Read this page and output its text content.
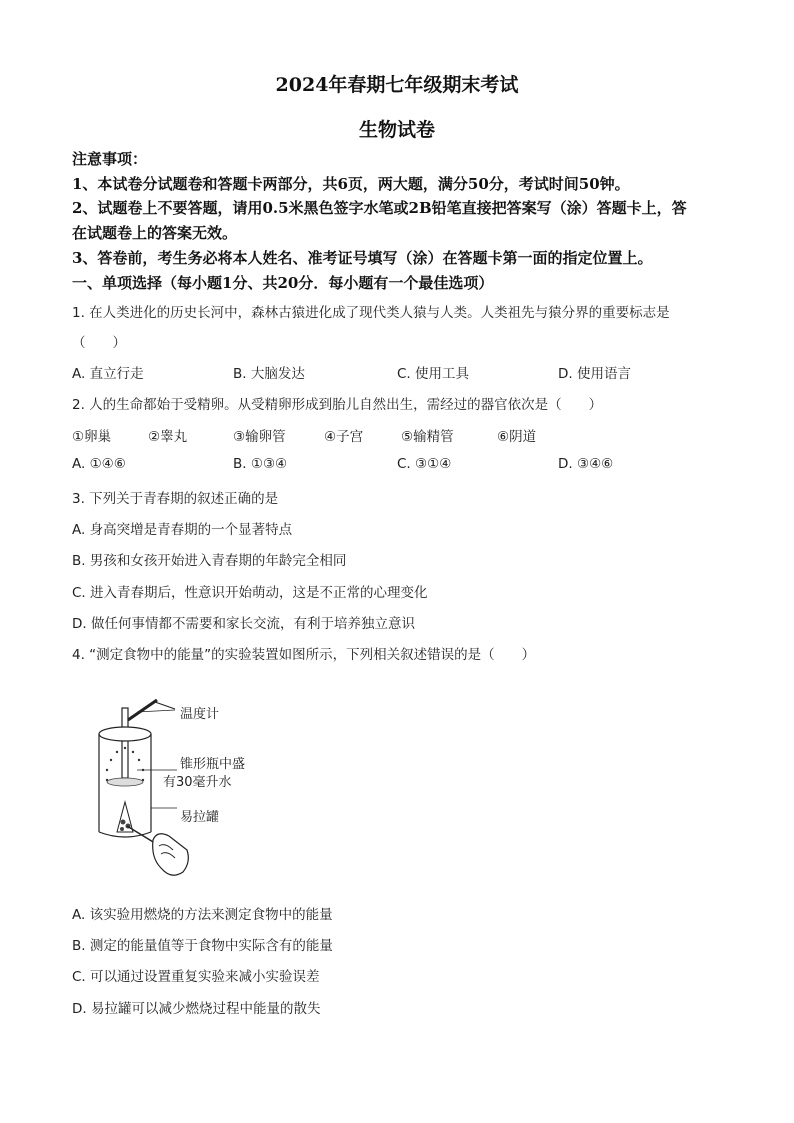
2024年春期七年级期末考试
生物试卷
注意事项：
1、本试卷分试题卷和答题卡两部分，共6页，两大题，满分50分，考试时间50钟。
2、试题卷上不要答题，请用0.5米黑色签字水笔或2B铅笔直接把答案写（涂）答题卡上，答
在试题卷上的答案无效。
3、答卷前，考生务必将本人姓名、准考证号填写（涂）在答题卡第一面的指定位置上。
一、单项选择（每小题1分、共20分．每小题有一个最佳选项）
1. 在人类进化的历史长河中，森林古猿进化成了现代类人猿与人类。人类祖先与猿分界的重要标志是
（　　）
A. 直立行走	B. 大脑发达	C. 使用工具	D. 使用语言
2. 人的生命都始于受精卵。从受精卵形成到胎儿自然出生，需经过的器官依次是（　　）
①卵巢	②睾丸	③输卵管	④子宫	⑤输精管	⑥阴道
A. ①④⑥	B. ①③④	C. ③①④	D. ③④⑥
3. 下列关于青春期的叙述正确的是
A. 身高突增是青春期的一个显著特点
B. 男孩和女孩开始进入青春期的年龄完全相同
C. 进入青春期后，性意识开始萌动，这是不正常的心理变化
D. 做任何事情都不需要和家长交流，有利于培养独立意识
4. “测定食物中的能量”的实验装置如图所示，下列相关叙述错误的是（　　）
温度计
锥形瓶中盛
有30毫升水
易拉罐
A. 该实验用燃烧的方法来测定食物中的能量
B. 测定的能量值等于食物中实际含有的能量
C. 可以通过设置重复实验来减小实验误差
D. 易拉罐可以减少燃烧过程中能量的散失
